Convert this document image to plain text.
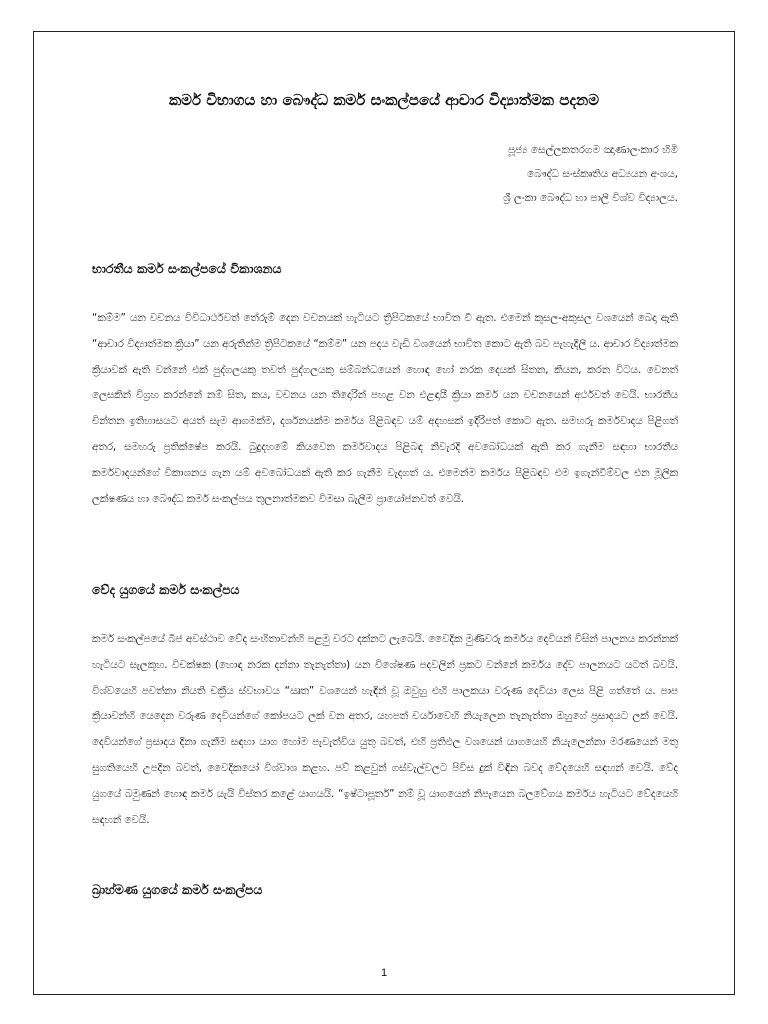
කර්ම විභාගය හා බෞද්ධ කර්ම සංකල්පයේ ආචාර විද්‍යාත්මක පදනම
පූජ්‍ය සෙල්ලකතරගම ඤාණාලංකාර හිමි
බෞද්ධ සංස්කෘතිය අධ්‍යයන අංශය,
ශ්‍රී ලංකා බෞද්ධ හා පාලි විශ්ව විද්‍යාලය.
භාරතීය කර්ම සංකල්පයේ විකාශනය
“කම්ම” යන වචනය විවිධාර්ථවත් තේරුම් දෙන වචනයක් හැටියට ත්‍රිපිටකයේ භාවිත වී ඇත. එමෙන් කුසල-අකුසල වශයෙන් බෙදා ඇති “ආචාර විද්‍යාත්මක ක්‍රියා” යන අරුතින්ම ත්‍රිපිටකයේ “කම්ම” යන පදය වැඩි වශයෙන් භාවිත කොට ඇති බව පැහැදිලි ය. ආචාර විද්‍යාත්මක ක්‍රියාවක් ඇති වන්නේ එක් පුද්ගලයකු තවත් පුද්ගලයකු සම්බන්ධයෙන් හොඳ හෝ නරක දෙයක් සිතන, කියන, කරන විටය. වෙනත් ලෙසකින් විග්‍රහ කරන්නේ නම් සිත, කය, වචනය යන තිදොරින් පහළ වන එළඳායී ක්‍රියා කර්ම යන වචනයෙන් අර්ථවත් වෙයි. භාරතීය චින්තන ඉතිහාසයට අයත් සැම ආගමක්ම, දර්ශනයක්ම කර්මය පිළිබඳව යම් අදහසක් ඉදිරිපත් කොට ඇත. සමහරු කර්මවාදය පිළිගත් අතර, සමහරු ප්‍රතික්ෂේප කරයි. බුදුදහමේ කියවෙන කර්මවාදය පිළිබඳ නිවැරදි අවබෝධයක් ඇති කර ගැනීම සඳහා භාරතීය කර්මවාදයන්ගේ විකාශනය ගැන යම් අවබෝධයක් ඇති කර ගැනීම වැදගත් ය. එමෙන්ම කර්මය පිළිබඳව එම ඉගැන්වීම්වල එන මූලික ලක්ෂණය හා බෞද්ධ කර්ම සංකල්පය තුලනාත්මකව විමසා බැලීම ප්‍රායෝජනවත් වෙයි.
වේද යුගයේ කර්ම සංකල්පය
කර්ම සංකල්පයේ බීජ අවස්ථාව වේද සංහිතාවන්හි පළමු වරට දක්නට ලැබෙයි. වෛදික මුණිවරු කර්මය දෙවියන් විසින් පාලනය කරන්නක් හැටියට සැලකූහ. විචක්ෂක (හොඳ නරක දන්නා තැනැත්තා) යන විශේෂණ පදවලින් ප්‍රකට වන්නේ කර්මය දේව පාලනයට යටත් බවයි. විශ්වයෙහි පවත්නා නියති චක්‍රීය ස්වභාවය “ඍත” වශයෙන් හැඳින් වූ ඔවුහු එහි පාලකයා වරුණ දෙවියා ලෙස පිළි ගත්තේ ය. පාප ක්‍රියාවන්හි යෙදෙන වරුණ දෙවියන්ගේ කෝපයට ලක් වන අතර, යහපත් චර්යාවෙහි නියැලෙන තැනැත්තා ඔහුගේ ප්‍රසාදයට ලක් වෙයි. දෙවියන්ගේ ප්‍රසාදය දිනා ගැනීම සඳහා යාග හෝම පැවැත්විය යුතු බවත්, එහි ප්‍රතිඵල වශයෙන් යාගයෙහි නියැලෙන්නා මරණයෙන් මතු සුගතියෙහි උපදින බවත්, වෛදිකයෝ විශ්වාශ කළහ. පව් කළවුන් ගස්වැල්වලට පිවිස දුක් විඳින බවද වේදයෙහි සඳහන් වෙයි. වේද යුගයේ බමුණන් හොඳ කර්ම යැයි විස්තර කළේ යාගයයි. “ඉෂ්ටාපූර්ත” නම් වූ යාගයෙන් නිපැයෙන බලවේගය කර්මය හැටියට වේදයෙහි සඳහන් වෙයි.
බ්‍රාහ්මණ යුගයේ කර්ම සංකල්පය
1
